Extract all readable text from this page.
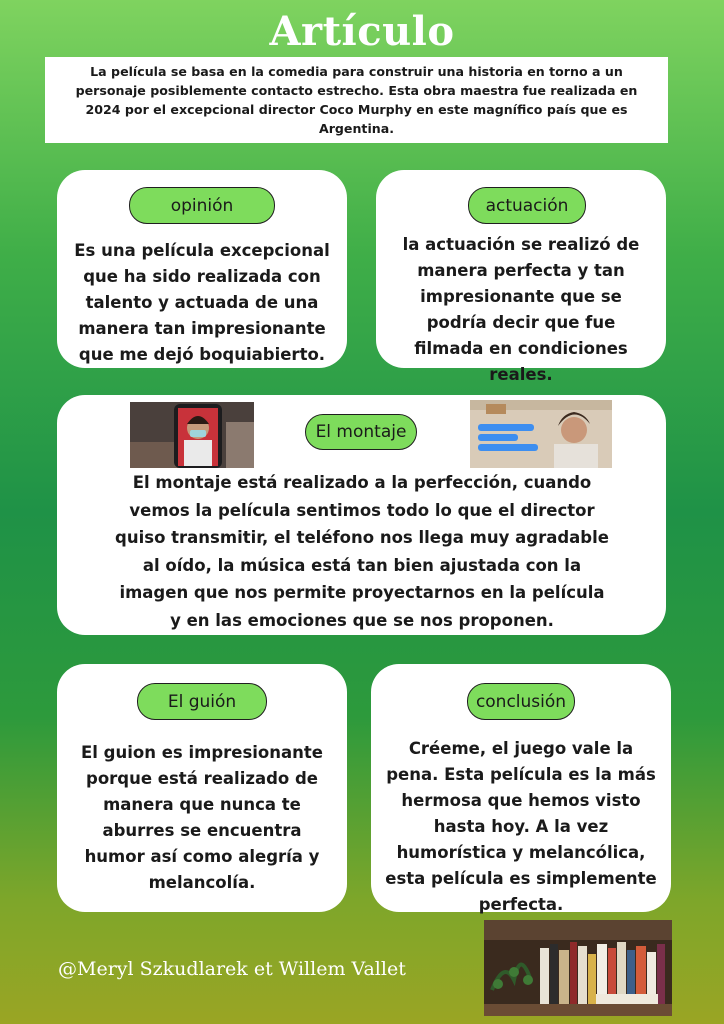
Artículo
La película se basa en la comedia para construir una historia en torno a un personaje posiblemente contacto estrecho. Esta obra maestra fue realizada en 2024 por el excepcional director Coco Murphy en este magnífico país que es Argentina.
opinión
Es una película excepcional que ha sido realizada con talento y actuada de una manera tan impresionante que me dejó boquiabierto.
actuación
la actuación se realizó de manera perfecta y tan impresionante que se podría decir que fue filmada en condiciones reales.
El montaje
El montaje está realizado a la perfección, cuando vemos la película sentimos todo lo que el director quiso transmitir, el teléfono nos llega muy agradable al oído, la música está tan bien ajustada con la imagen que nos permite proyectarnos en la película y en las emociones que se nos proponen.
El guión
El guion es impresionante porque está realizado de manera que nunca te aburres se encuentra humor así como alegría y melancolía.
conclusión
Créeme, el juego vale la pena. Esta película es la más hermosa que hemos visto hasta hoy. A la vez humorística y melancólica, esta película es simplemente perfecta.
@Meryl Szkudlarek et Willem Vallet
